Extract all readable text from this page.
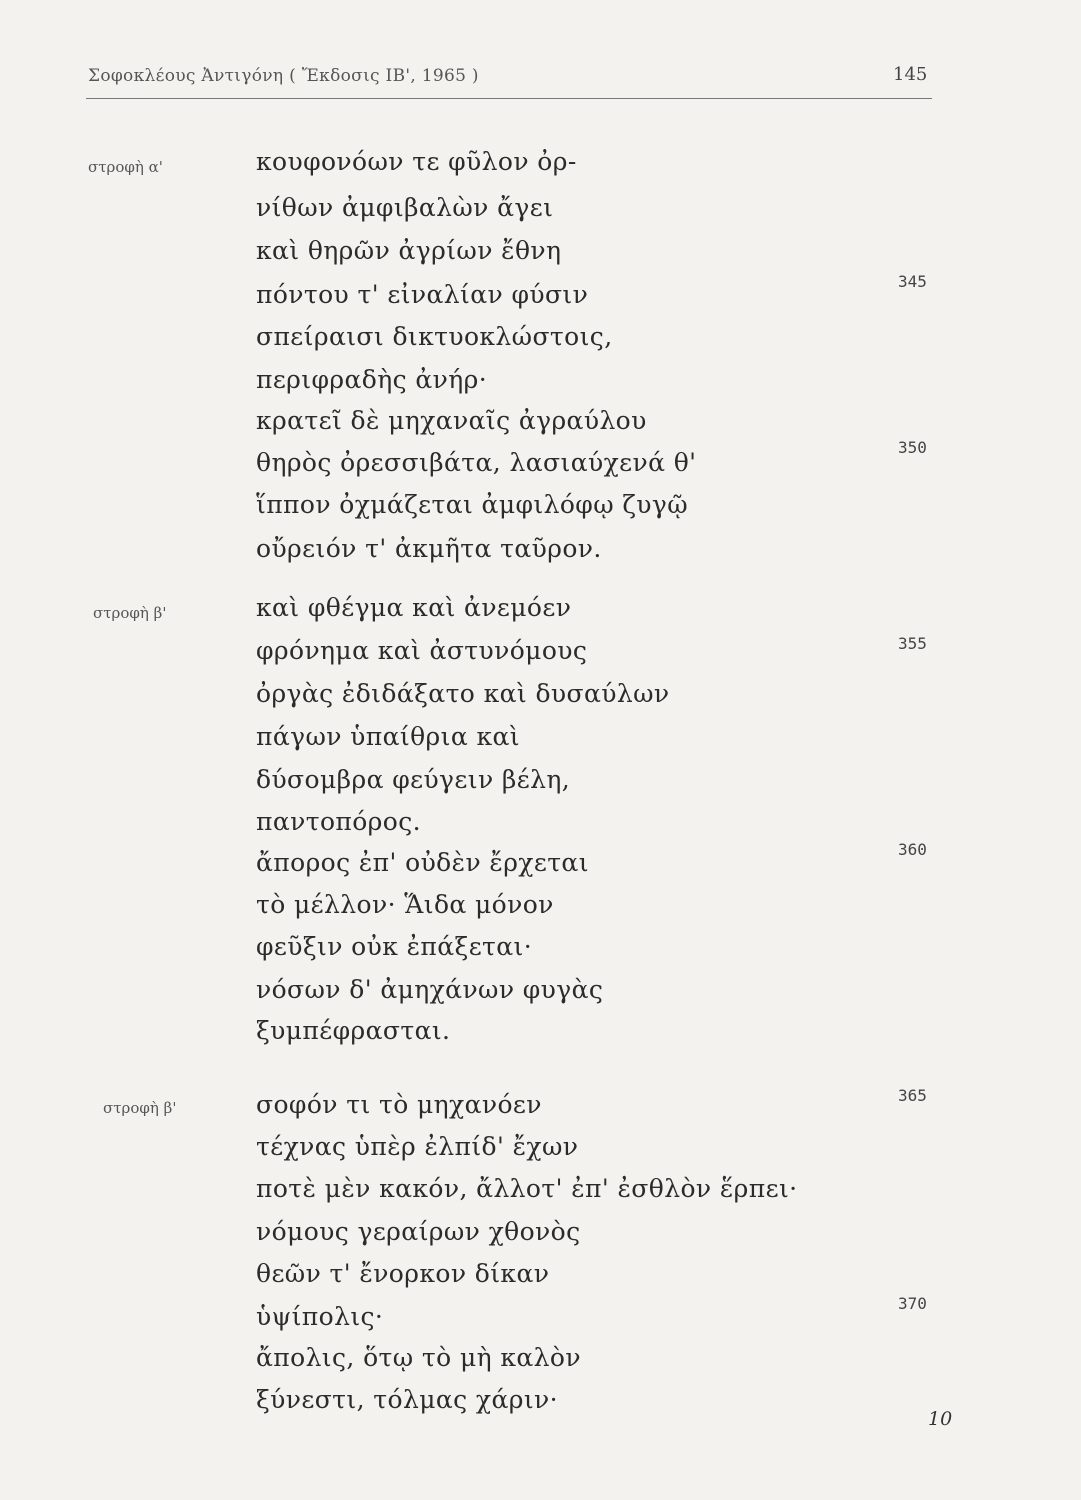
Σοφοκλέους Ἀντιγόνη ( Ἔκδοσις ΙΒ', 1965 )	145
στροφὴ α'	κουφονόων τε φῦλον ὀρ-
νίθων ἀμφιβαλὼν ἄγει
καὶ θηρῶν ἀγρίων ἔθνη
πόντου τ' εἰναλίαν φύσιν
σπείραισι δικτυοκλώστοις,
περιφραδὴς ἀνήρ·
κρατεῖ δὲ μηχαναῖς ἀγραύλου
θηρὸς ὀρεσσιβάτα, λασιαύχενά θ'
ἵππον ὀχμάζεται ἀμφιλόφῳ ζυγῷ
οὔρειόν τ' ἀκμῆτα ταῦρον.
στροφὴ β'	καὶ φθέγμα καὶ ἀνεμόεν
φρόνημα καὶ ἀστυνόμους
ὀργὰς ἐδιδάξατο καὶ δυσαύλων
πάγων ὑπαίθρια καὶ
δύσομβρα φεύγειν βέλη,
παντοπόρος.
ἄπορος ἐπ' οὐδὲν ἔρχεται
τὸ μέλλον· Ἅιδα μόνον
φεῦξιν οὐκ ἐπάξεται·
νόσων δ' ἀμηχάνων φυγὰς
ξυμπέφρασται.
στροφὴ β'	σοφόν τι τὸ μηχανόεν
τέχνας ὑπὲρ ἐλπίδ' ἔχων
ποτὲ μὲν κακόν, ἄλλοτ' ἐπ' ἐσθλὸν ἕρπει·
νόμους γεραίρων χθονὸς
θεῶν τ' ἔνορκον δίκαν
ὑψίπολις·
ἄπολις, ὅτῳ τὸ μὴ καλὸν
ξύνεστι, τόλμας χάριν·
345
350
355
360
365
370
10
